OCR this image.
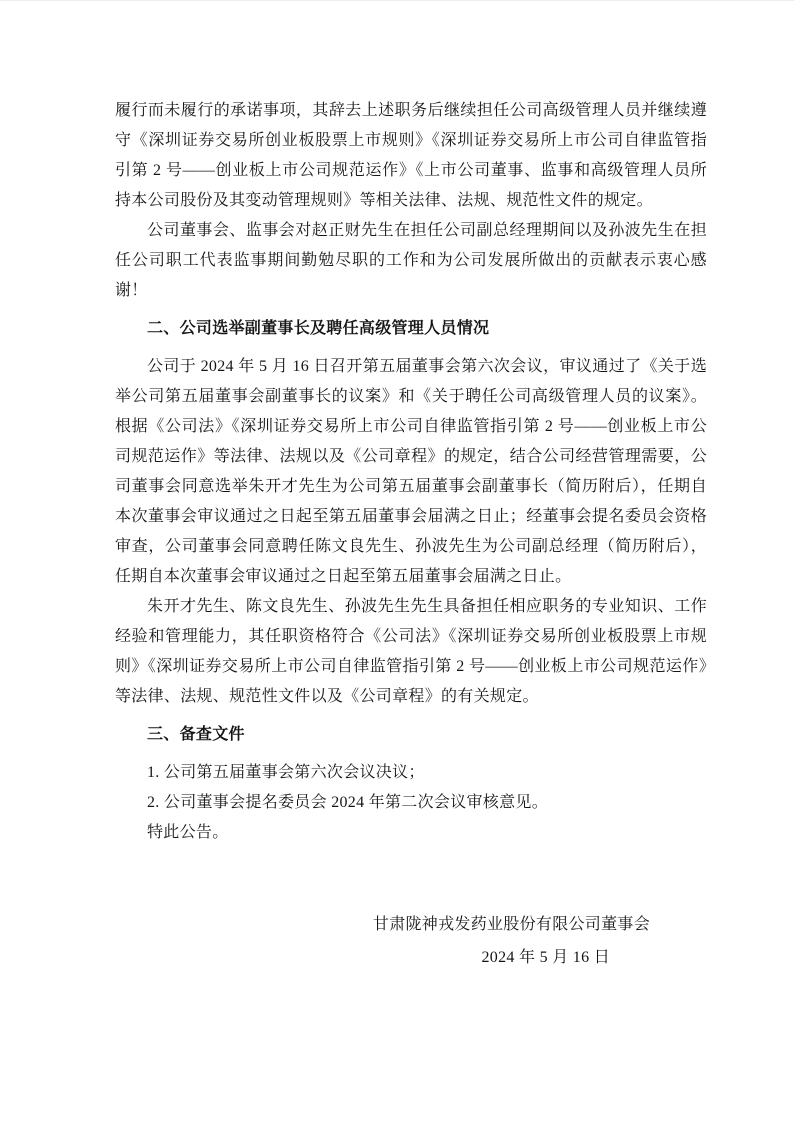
履行而未履行的承诺事项，其辞去上述职务后继续担任公司高级管理人员并继续遵守《深圳证券交易所创业板股票上市规则》《深圳证券交易所上市公司自律监管指引第 2 号——创业板上市公司规范运作》《上市公司董事、监事和高级管理人员所持本公司股份及其变动管理规则》等相关法律、法规、规范性文件的规定。

公司董事会、监事会对赵正财先生在担任公司副总经理期间以及孙波先生在担任公司职工代表监事期间勤勉尽职的工作和为公司发展所做出的贡献表示衷心感谢！

二、公司选举副董事长及聘任高级管理人员情况

公司于 2024 年 5 月 16 日召开第五届董事会第六次会议，审议通过了《关于选举公司第五届董事会副董事长的议案》和《关于聘任公司高级管理人员的议案》。根据《公司法》《深圳证券交易所上市公司自律监管指引第 2 号——创业板上市公司规范运作》等法律、法规以及《公司章程》的规定，结合公司经营管理需要，公司董事会同意选举朱开才先生为公司第五届董事会副董事长（简历附后），任期自本次董事会审议通过之日起至第五届董事会届满之日止；经董事会提名委员会资格审查，公司董事会同意聘任陈文良先生、孙波先生为公司副总经理（简历附后），任期自本次董事会审议通过之日起至第五届董事会届满之日止。

朱开才先生、陈文良先生、孙波先生先生具备担任相应职务的专业知识、工作经验和管理能力，其任职资格符合《公司法》《深圳证券交易所创业板股票上市规则》《深圳证券交易所上市公司自律监管指引第 2 号——创业板上市公司规范运作》等法律、法规、规范性文件以及《公司章程》的有关规定。

三、备查文件

1. 公司第五届董事会第六次会议决议；

2. 公司董事会提名委员会 2024 年第二次会议审核意见。

特此公告。

甘肃陇神戎发药业股份有限公司董事会
2024 年 5 月 16 日
